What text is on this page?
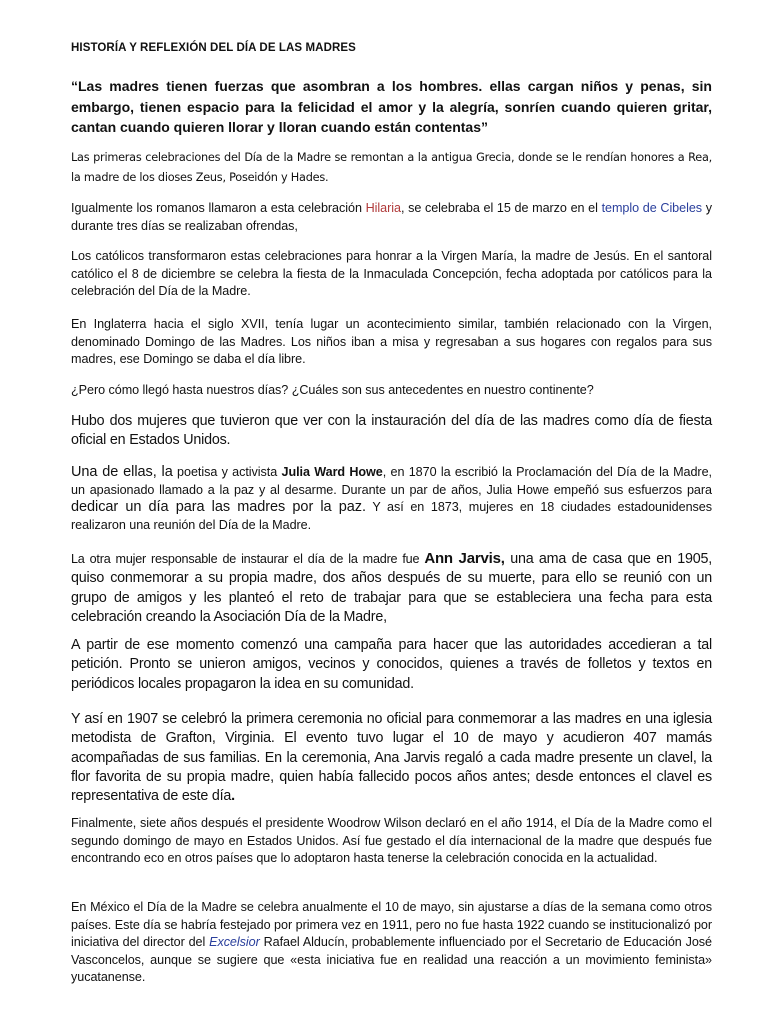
HISTORÍA Y REFLEXIÓN DEL DÍA DE LAS MADRES

“Las madres tienen fuerzas que asombran a los hombres. ellas cargan niños y penas, sin embargo, tienen espacio para la felicidad el amor y la alegría, sonríen cuando quieren gritar, cantan cuando quieren llorar y lloran cuando están contentas”

Las primeras celebraciones del Día de la Madre se remontan a la antigua Grecia, donde se le rendían honores a Rea, la madre de los dioses Zeus, Poseidón y Hades.

Igualmente los romanos llamaron a esta celebración Hilaria, se celebraba el 15 de marzo en el templo de Cibeles y durante tres días se realizaban ofrendas,

Los católicos transformaron estas celebraciones para honrar a la Virgen María, la madre de Jesús. En el santoral católico el 8 de diciembre se celebra la fiesta de la Inmaculada Concepción, fecha adoptada por católicos para la celebración del Día de la Madre.

En Inglaterra hacia el siglo XVII, tenía lugar un acontecimiento similar, también relacionado con la Virgen, denominado Domingo de las Madres. Los niños iban a misa y regresaban a sus hogares con regalos para sus madres, ese Domingo se daba el día libre.

¿Pero cómo llegó hasta nuestros días? ¿Cuáles son sus antecedentes en nuestro continente?

Hubo dos mujeres que tuvieron que ver con la instauración del día de las madres como día de fiesta oficial en Estados Unidos.

Una de ellas, la poetisa y activista Julia Ward Howe, en 1870 la escribió la Proclamación del Día de la Madre, un apasionado llamado a la paz y al desarme. Durante un par de años, Julia Howe empeñó sus esfuerzos para dedicar un día para las madres por la paz. Y así en 1873, mujeres en 18 ciudades estadounidenses realizaron una reunión del Día de la Madre.

La otra mujer responsable de instaurar el día de la madre fue Ann Jarvis, una ama de casa que en 1905, quiso conmemorar a su propia madre, dos años después de su muerte, para ello se reunió con un grupo de amigos y les planteó el reto de trabajar para que se estableciera una fecha para esta celebración creando la Asociación Día de la Madre,

A partir de ese momento comenzó una campaña para hacer que las autoridades accedieran a tal petición. Pronto se unieron amigos, vecinos y conocidos, quienes a través de folletos y textos en periódicos locales propagaron la idea en su comunidad.

Y así en 1907 se celebró la primera ceremonia no oficial para conmemorar a las madres en una iglesia metodista de Grafton, Virginia. El evento tuvo lugar el 10 de mayo y acudieron 407 mamás acompañadas de sus familias. En la ceremonia, Ana Jarvis regaló a cada madre presente un clavel, la flor favorita de su propia madre, quien había fallecido pocos años antes; desde entonces el clavel es representativa de este día.

Finalmente, siete años después el presidente Woodrow Wilson declaró en el año 1914, el Día de la Madre como el segundo domingo de mayo en Estados Unidos. Así fue gestado el día internacional de la madre que después fue encontrando eco en otros países que lo adoptaron hasta tenerse la celebración conocida en la actualidad.

En México el Día de la Madre se celebra anualmente el 10 de mayo, sin ajustarse a días de la semana como otros países. Este día se habría festejado por primera vez en 1911, pero no fue hasta 1922 cuando se institucionalizó por iniciativa del director del Excelsior Rafael Alducín, probablemente influenciado por el Secretario de Educación José Vasconcelos, aunque se sugiere que «esta iniciativa fue en realidad una reacción a un movimiento feminista» yucatanense.
